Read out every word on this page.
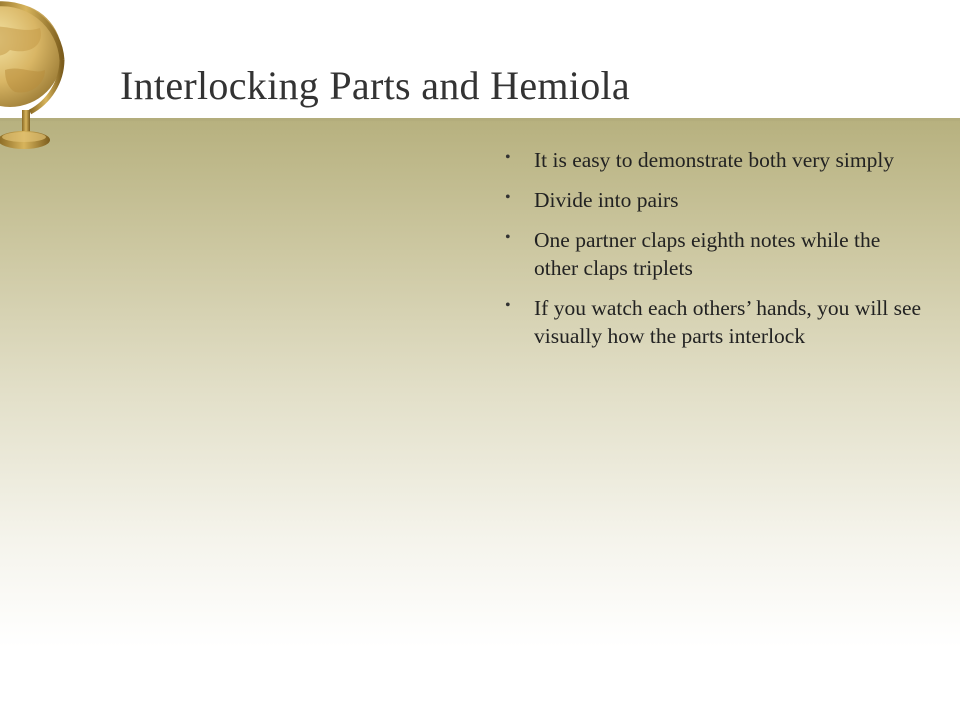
Interlocking Parts and Hemiola
• It is easy to demonstrate both very simply
• Divide into pairs
• One partner claps eighth notes while the other claps triplets
• If you watch each others’ hands, you will see visually how the parts interlock
